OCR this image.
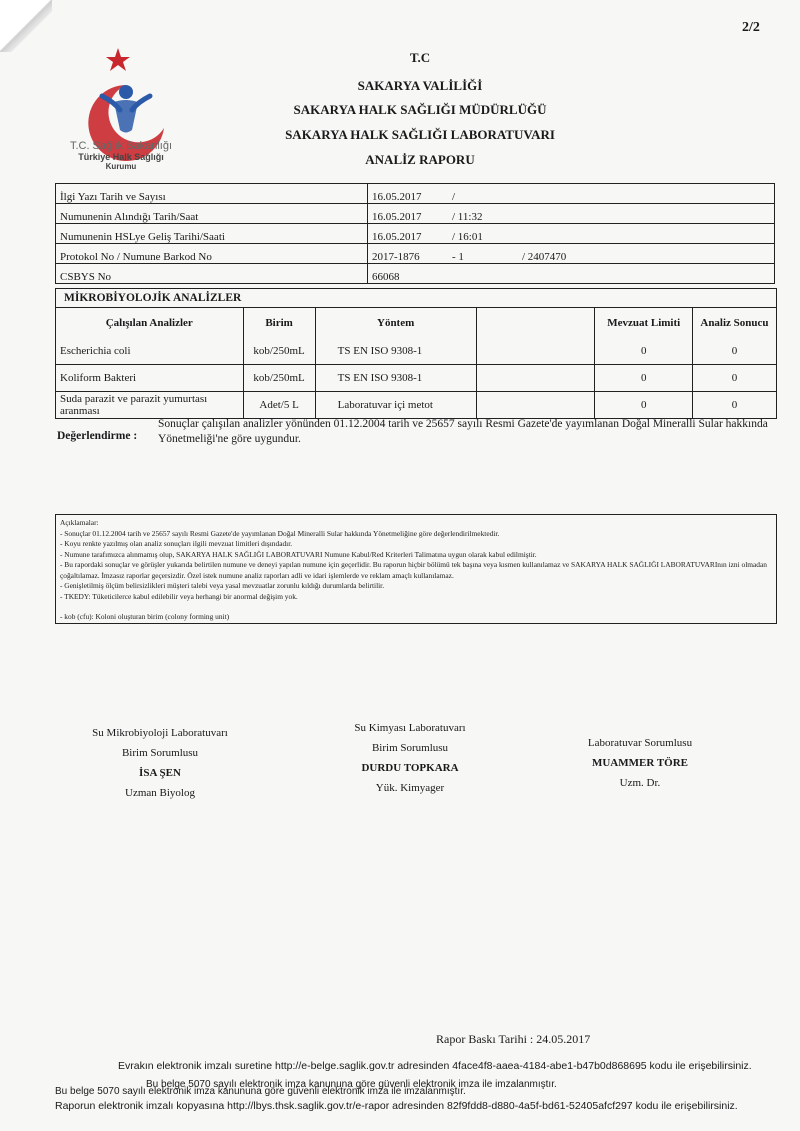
2/2
T.C. Sağlık Bakanlığı
Türkiye Halk Sağlığı
Kurumu
T.C
SAKARYA VALİLİĞİ
SAKARYA HALK SAĞLIĞI MÜDÜRLÜĞÜ
SAKARYA HALK SAĞLIĞI LABORATUVARI
ANALİZ RAPORU
İlgi Yazı Tarih ve Sayısı	16.05.2017 /
Numunenin Alındığı Tarih/Saat	16.05.2017 / 11:32
Numunenin HSLye Geliş Tarihi/Saati	16.05.2017 / 16:01
Protokol No / Numune Barkod No	2017-1876 - 1 / 2407470
CSBYS No	66068
MİKROBİYOLOJİK ANALİZLER
Çalışılan Analizler	Birim	Yöntem		Mevzuat Limiti	Analiz Sonucu
Escherichia coli	kob/250mL	TS EN ISO 9308-1		0	0
Koliform Bakteri	kob/250mL	TS EN ISO 9308-1		0	0
Suda parazit ve parazit yumurtası aranması	Adet/5 L	Laboratuvar içi metot		0	0
Değerlendirme :
Sonuçlar çalışılan analizler yönünden 01.12.2004 tarih ve 25657 sayılı Resmi Gazete'de yayımlanan Doğal Mineralli Sular hakkında Yönetmeliği'ne göre uygundur.
Açıklamalar:
- Sonuçlar 01.12.2004 tarih ve 25657 sayılı Resmi Gazete'de yayımlanan Doğal Mineralli Sular hakkında Yönetmeliğine göre değerlendirilmektedir.
- Koyu renkte yazılmış olan analiz sonuçları ilgili mevzuat limitleri dışındadır.
- Numune tarafımızca alınmamış olup, SAKARYA HALK SAĞLIĞI LABORATUVARI Numune Kabul/Red Kriterleri Talimatına uygun olarak kabul edilmiştir.
- Bu rapordaki sonuçlar ve görüşler yukarıda belirtilen numune ve deneyi yapılan numune için geçerlidir. Bu raporun hiçbir bölümü tek başına veya kısmen kullanılamaz ve SAKARYA HALK SAĞLIĞI LABORATUVARInın izni olmadan çoğaltılamaz. İmzasız raporlar geçersizdir. Özel istek numune analiz raporları adli ve idari işlemlerde ve reklam amaçlı kullanılamaz.
- Genişletilmiş ölçüm belirsizlikleri müşteri talebi veya yasal mevzuatlar zorunlu kıldığı durumlarda belirtilir.
- TKEDY: Tüketicilerce kabul edilebilir veya herhangi bir anormal değişim yok.
- kob (cfu): Koloni oluşturan birim (colony forming unit)
Su Mikrobiyoloji Laboratuvarı
Birim Sorumlusu
İSA ŞEN
Uzman Biyolog
Su Kimyası Laboratuvarı
Birim Sorumlusu
DURDU TOPKARA
Yük. Kimyager
Laboratuvar Sorumlusu
MUAMMER TÖRE
Uzm. Dr.
Rapor Baskı Tarihi : 24.05.2017
Evrakın elektronik imzalı suretine http://e-belge.saglik.gov.tr adresinden 4face4f8-aaea-4184-abe1-b47b0d868695 kodu ile erişebilirsiniz.
Bu belge 5070 sayılı elektronik imza kanununa göre güvenli elektronik imza ile imzalanmıştır.
Bu belge 5070 sayılı elektronik imza kanununa göre güvenli elektronik imza ile imzalanmıştır.
Raporun elektronik imzalı kopyasına http://lbys.thsk.saglik.gov.tr/e-rapor adresinden 82f9fdd8-d880-4a5f-bd61-52405afcf297 kodu ile erişebilirsiniz.
